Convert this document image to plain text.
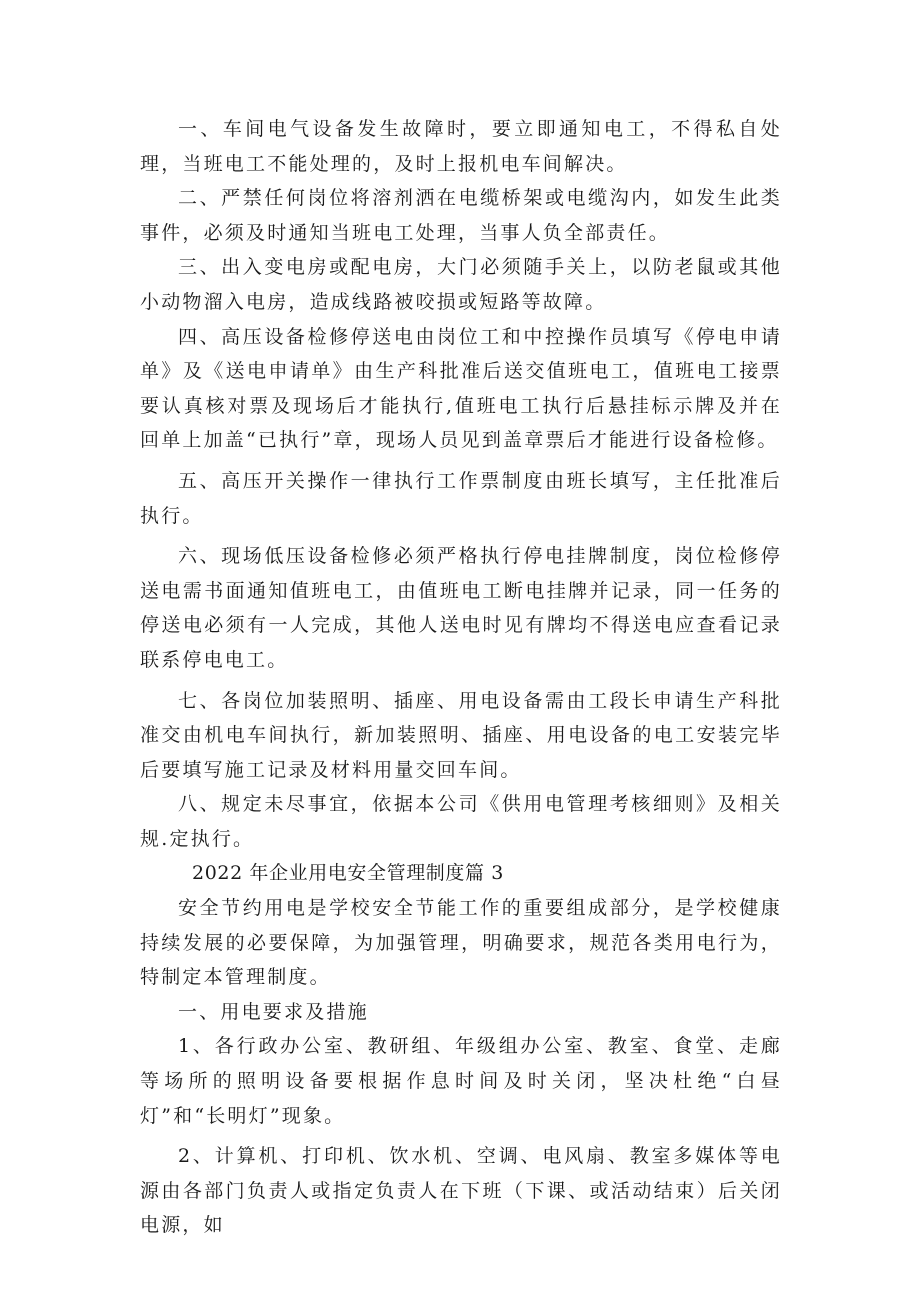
一、车间电气设备发生故障时，要立即通知电工，不得私自处理，当班电工不能处理的，及时上报机电车间解决。

二、严禁任何岗位将溶剂洒在电缆桥架或电缆沟内，如发生此类事件，必须及时通知当班电工处理，当事人负全部责任。

三、出入变电房或配电房，大门必须随手关上，以防老鼠或其他小动物溜入电房，造成线路被咬损或短路等故障。

四、高压设备检修停送电由岗位工和中控操作员填写《停电申请单》及《送电申请单》由生产科批准后送交值班电工，值班电工接票要认真核对票及现场后才能执行,值班电工执行后悬挂标示牌及并在回单上加盖“已执行”章，现场人员见到盖章票后才能进行设备检修。

五、高压开关操作一律执行工作票制度由班长填写，主任批准后执行。

六、现场低压设备检修必须严格执行停电挂牌制度，岗位检修停送电需书面通知值班电工，由值班电工断电挂牌并记录，同一任务的停送电必须有一人完成，其他人送电时见有牌均不得送电应查看记录联系停电电工。

七、各岗位加装照明、插座、用电设备需由工段长申请生产科批准交由机电车间执行，新加装照明、插座、用电设备的电工安装完毕后要填写施工记录及材料用量交回车间。

八、规定未尽事宜，依据本公司《供用电管理考核细则》及相关规.定执行。

2022 年企业用电安全管理制度篇 3

安全节约用电是学校安全节能工作的重要组成部分，是学校健康持续发展的必要保障，为加强管理，明确要求，规范各类用电行为，特制定本管理制度。

一、用电要求及措施

1、各行政办公室、教研组、年级组办公室、教室、食堂、走廊等场所的照明设备要根据作息时间及时关闭，坚决杜绝“白昼灯”和“长明灯”现象。

2、计算机、打印机、饮水机、空调、电风扇、教室多媒体等电源由各部门负责人或指定负责人在下班（下课、或活动结束）后关闭电源，如
